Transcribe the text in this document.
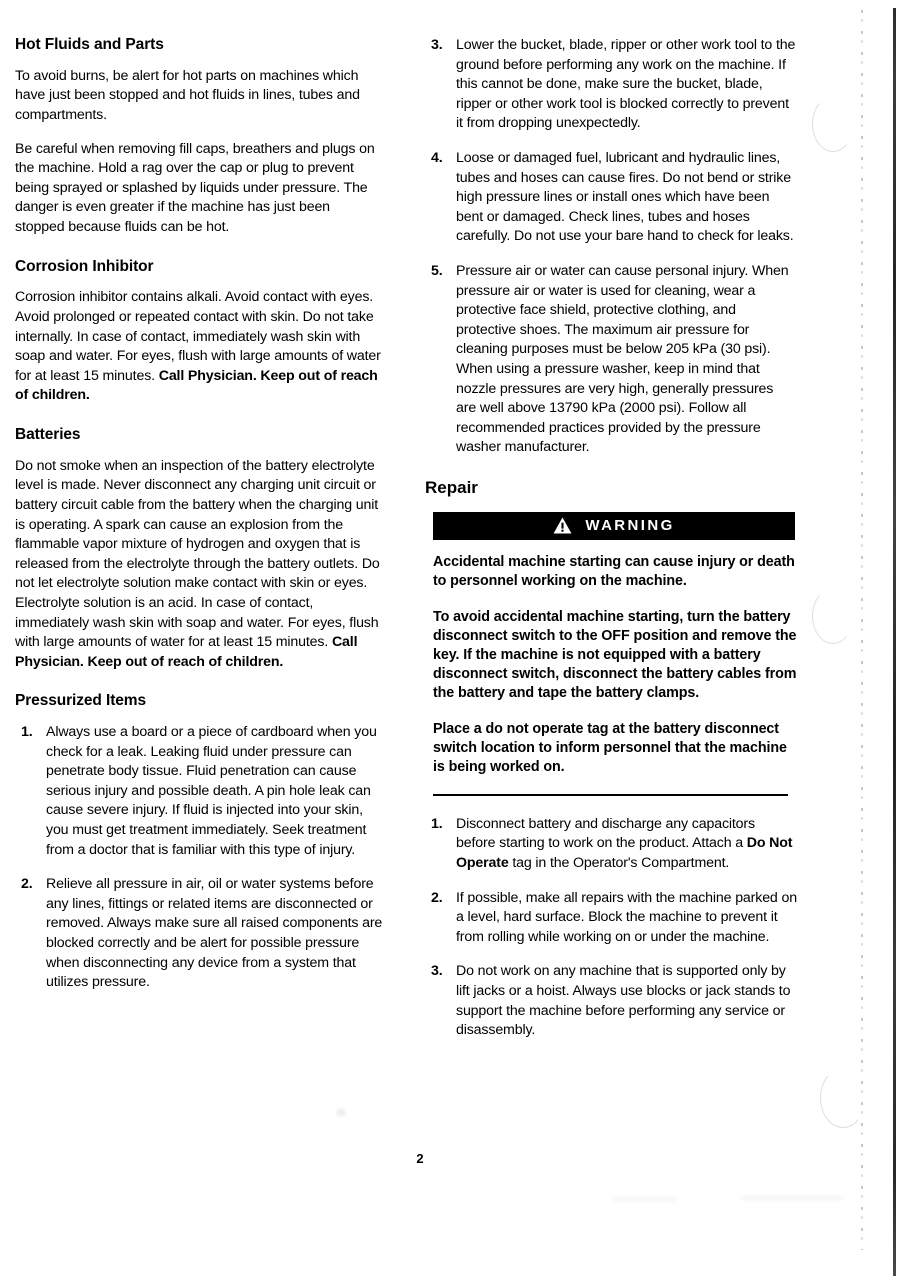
Hot Fluids and Parts

To avoid burns, be alert for hot parts on machines which have just been stopped and hot fluids in lines, tubes and compartments.

Be careful when removing fill caps, breathers and plugs on the machine. Hold a rag over the cap or plug to prevent being sprayed or splashed by liquids under pressure. The danger is even greater if the machine has just been stopped because fluids can be hot.

Corrosion Inhibitor

Corrosion inhibitor contains alkali. Avoid contact with eyes. Avoid prolonged or repeated contact with skin. Do not take internally. In case of contact, immediately wash skin with soap and water. For eyes, flush with large amounts of water for at least 15 minutes. Call Physician. Keep out of reach of children.

Batteries

Do not smoke when an inspection of the battery electrolyte level is made. Never disconnect any charging unit circuit or battery circuit cable from the battery when the charging unit is operating. A spark can cause an explosion from the flammable vapor mixture of hydrogen and oxygen that is released from the electrolyte through the battery outlets. Do not let electrolyte solution make contact with skin or eyes. Electrolyte solution is an acid. In case of contact, immediately wash skin with soap and water. For eyes, flush with large amounts of water for at least 15 minutes. Call Physician. Keep out of reach of children.

Pressurized Items
1. Always use a board or a piece of cardboard when you check for a leak. Leaking fluid under pressure can penetrate body tissue. Fluid penetration can cause serious injury and possible death. A pin hole leak can cause severe injury. If fluid is injected into your skin, you must get treatment immediately. Seek treatment from a doctor that is familiar with this type of injury.
2. Relieve all pressure in air, oil or water systems before any lines, fittings or related items are disconnected or removed. Always make sure all raised components are blocked correctly and be alert for possible pressure when disconnecting any device from a system that utilizes pressure.
3. Lower the bucket, blade, ripper or other work tool to the ground before performing any work on the machine. If this cannot be done, make sure the bucket, blade, ripper or other work tool is blocked correctly to prevent it from dropping unexpectedly.
4. Loose or damaged fuel, lubricant and hydraulic lines, tubes and hoses can cause fires. Do not bend or strike high pressure lines or install ones which have been bent or damaged. Check lines, tubes and hoses carefully. Do not use your bare hand to check for leaks.
5. Pressure air or water can cause personal injury. When pressure air or water is used for cleaning, wear a protective face shield, protective clothing, and protective shoes. The maximum air pressure for cleaning purposes must be below 205 kPa (30 psi). When using a pressure washer, keep in mind that nozzle pressures are very high, generally pressures are well above 13790 kPa (2000 psi). Follow all recommended practices provided by the pressure washer manufacturer.
Repair
WARNING

Accidental machine starting can cause injury or death to personnel working on the machine.

To avoid accidental machine starting, turn the battery disconnect switch to the OFF position and remove the key. If the machine is not equipped with a battery disconnect switch, disconnect the battery cables from the battery and tape the battery clamps.

Place a do not operate tag at the battery disconnect switch location to inform personnel that the machine is being worked on.

1. Disconnect battery and discharge any capacitors before starting to work on the product. Attach a Do Not Operate tag in the Operator's Compartment.
2. If possible, make all repairs with the machine parked on a level, hard surface. Block the machine to prevent it from rolling while working on or under the machine.
3. Do not work on any machine that is supported only by lift jacks or a hoist. Always use blocks or jack stands to support the machine before performing any service or disassembly.
2
